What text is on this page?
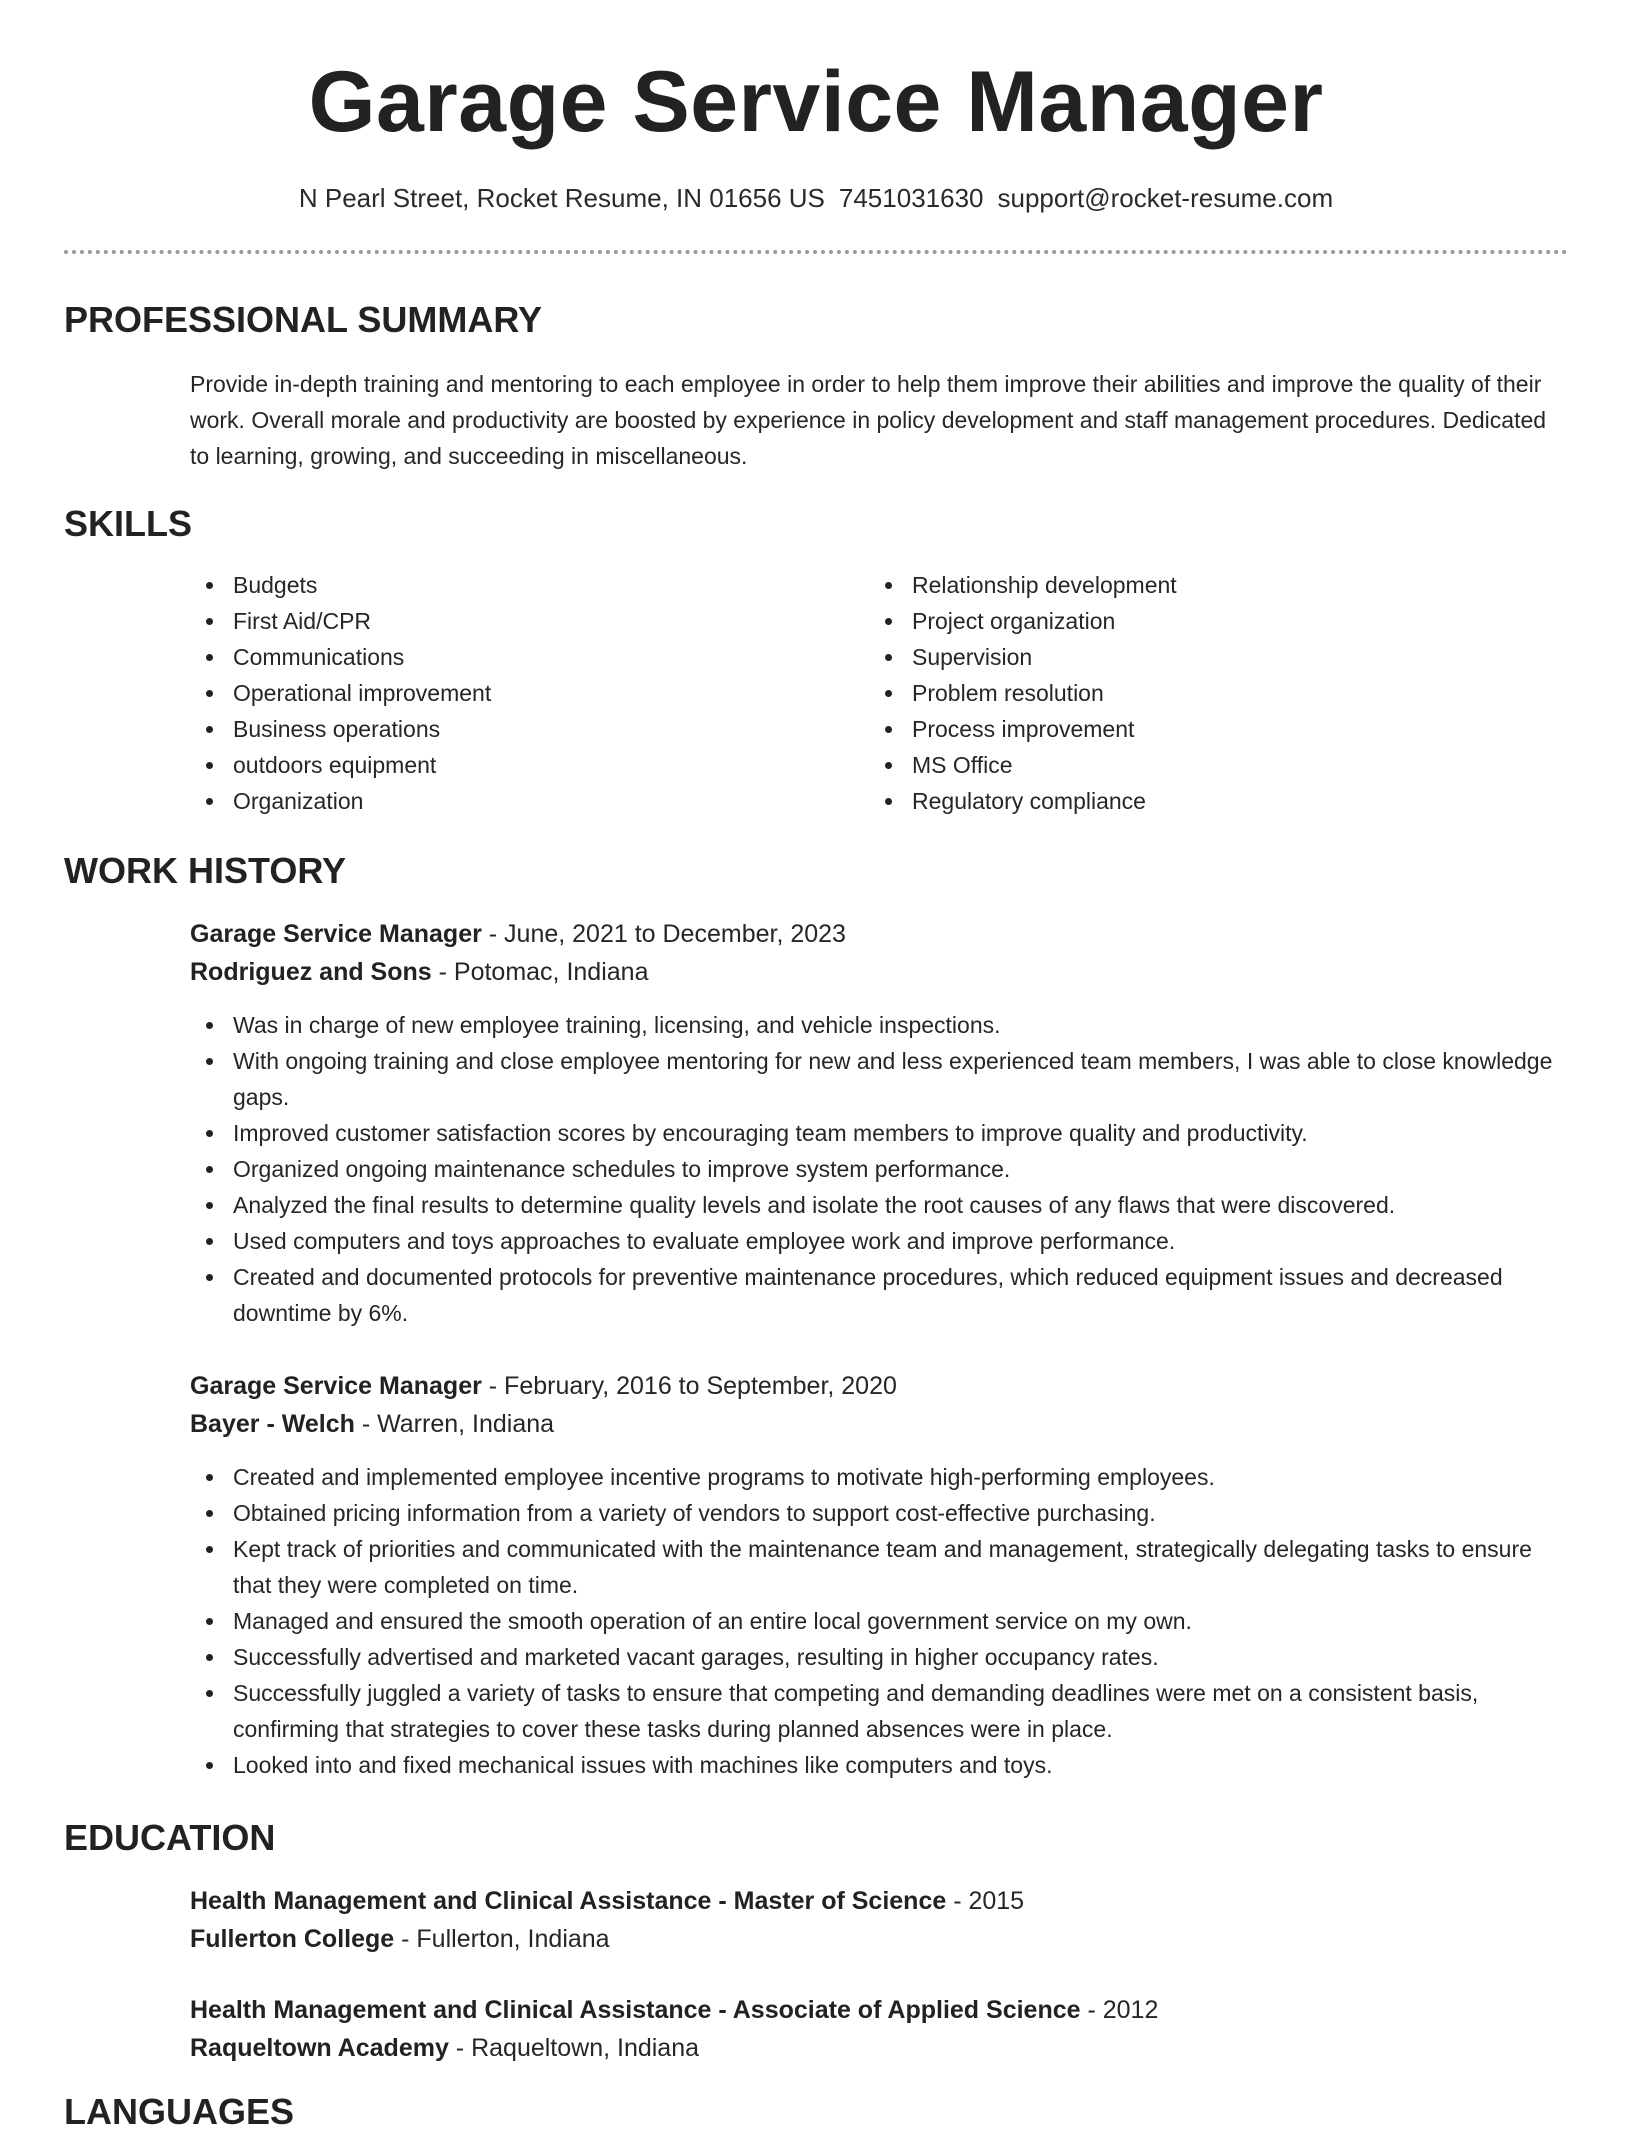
Garage Service Manager
N Pearl Street, Rocket Resume, IN 01656 US 7451031630 support@rocket-resume.com
PROFESSIONAL SUMMARY

Provide in-depth training and mentoring to each employee in order to help them improve their abilities and improve the quality of their work. Overall morale and productivity are boosted by experience in policy development and staff management procedures. Dedicated to learning, growing, and succeeding in miscellaneous.

SKILLS
Budgets
First Aid/CPR
Communications
Operational improvement
Business operations
outdoors equipment
Organization
Relationship development
Project organization
Supervision
Problem resolution
Process improvement
MS Office
Regulatory compliance
WORK HISTORY
Garage Service Manager - June, 2021 to December, 2023
Rodriguez and Sons - Potomac, Indiana
Was in charge of new employee training, licensing, and vehicle inspections.
With ongoing training and close employee mentoring for new and less experienced team members, I was able to close knowledge gaps.
Improved customer satisfaction scores by encouraging team members to improve quality and productivity.
Organized ongoing maintenance schedules to improve system performance.
Analyzed the final results to determine quality levels and isolate the root causes of any flaws that were discovered.
Used computers and toys approaches to evaluate employee work and improve performance.
Created and documented protocols for preventive maintenance procedures, which reduced equipment issues and decreased downtime by 6%.
Garage Service Manager - February, 2016 to September, 2020
Bayer - Welch - Warren, Indiana
Created and implemented employee incentive programs to motivate high-performing employees.
Obtained pricing information from a variety of vendors to support cost-effective purchasing.
Kept track of priorities and communicated with the maintenance team and management, strategically delegating tasks to ensure that they were completed on time.
Managed and ensured the smooth operation of an entire local government service on my own.
Successfully advertised and marketed vacant garages, resulting in higher occupancy rates.
Successfully juggled a variety of tasks to ensure that competing and demanding deadlines were met on a consistent basis, confirming that strategies to cover these tasks during planned absences were in place.
Looked into and fixed mechanical issues with machines like computers and toys.
EDUCATION
Health Management and Clinical Assistance - Master of Science - 2015
Fullerton College - Fullerton, Indiana
Health Management and Clinical Assistance - Associate of Applied Science - 2012
Raqueltown Academy - Raqueltown, Indiana
LANGUAGES
